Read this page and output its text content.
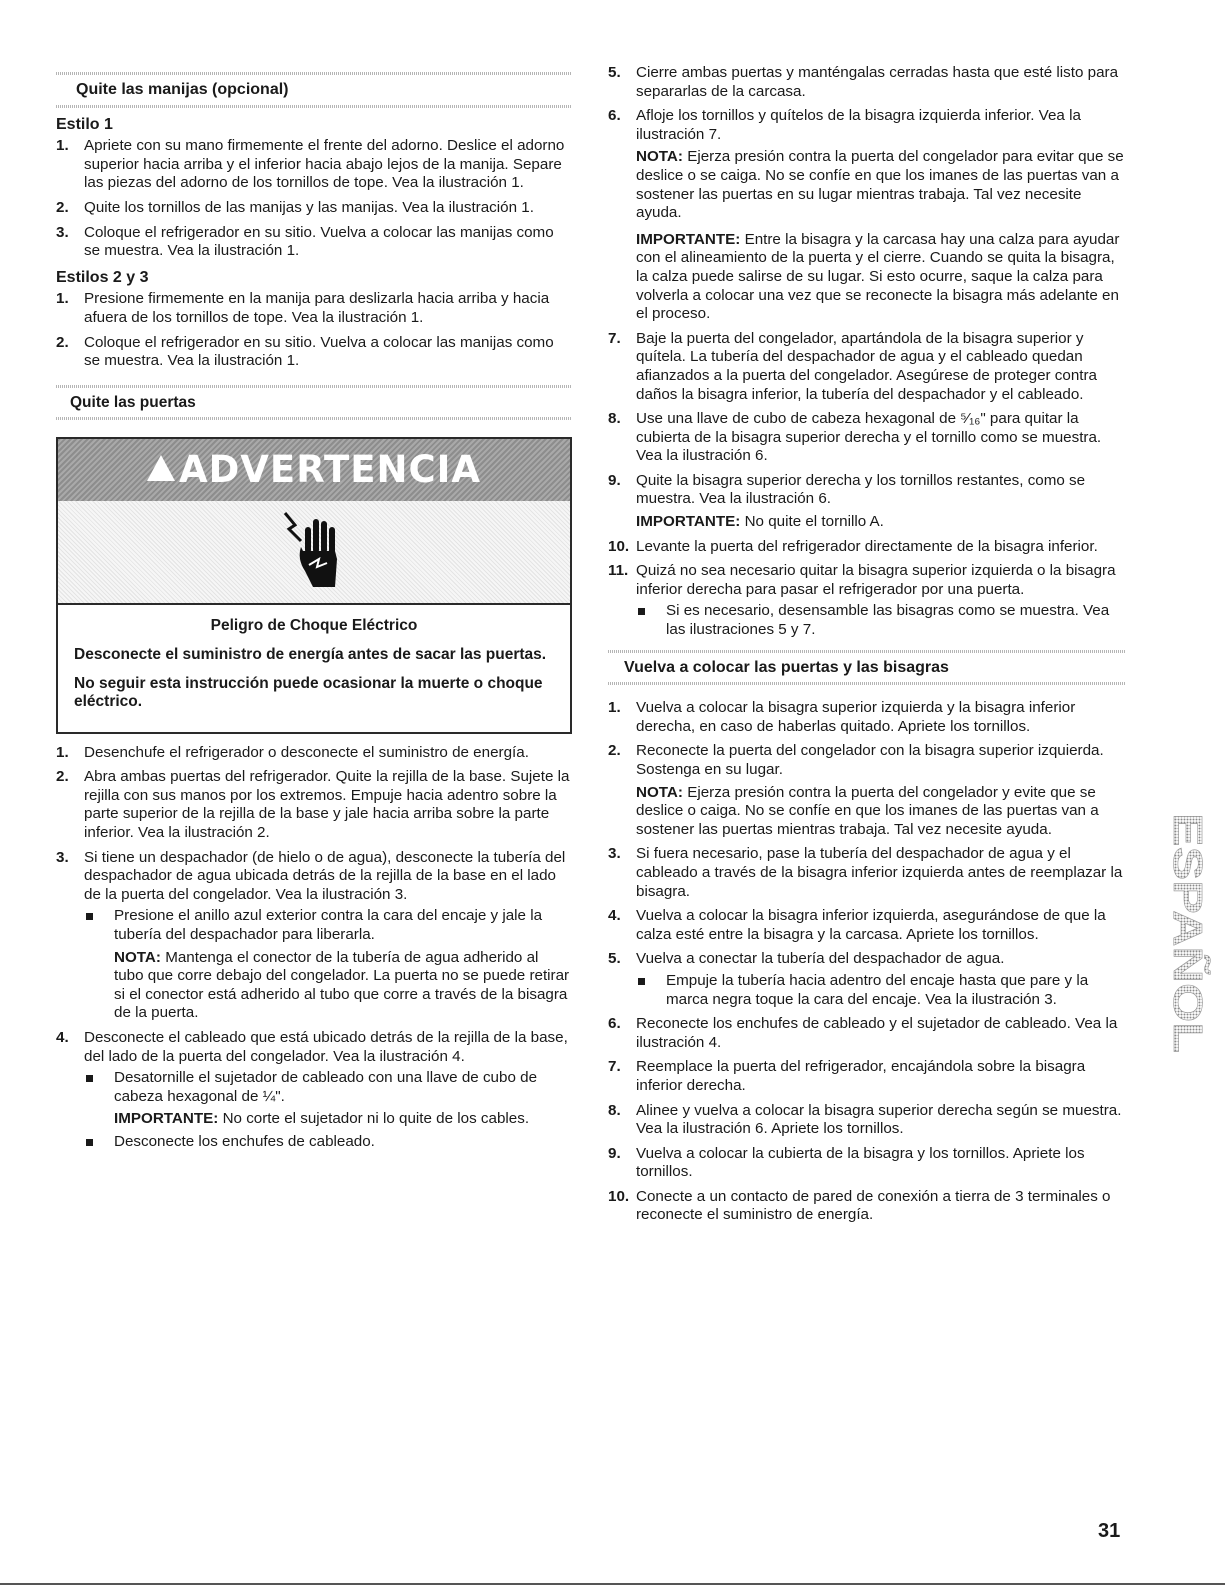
Quite las manijas (opcional)
Estilo 1
1. Apriete con su mano firmemente el frente del adorno. Deslice el adorno superior hacia arriba y el inferior hacia abajo lejos de la manija. Separe las piezas del adorno de los tornillos de tope. Vea la ilustración 1.
2. Quite los tornillos de las manijas y las manijas. Vea la ilustración 1.
3. Coloque el refrigerador en su sitio. Vuelva a colocar las manijas como se muestra. Vea la ilustración 1.
Estilos 2 y 3
1. Presione firmemente en la manija para deslizarla hacia arriba y hacia afuera de los tornillos de tope. Vea la ilustración 1.
2. Coloque el refrigerador en su sitio. Vuelva a colocar las manijas como se muestra. Vea la ilustración 1.
Quite las puertas
ADVERTENCIA
Peligro de Choque Eléctrico

Desconecte el suministro de energía antes de sacar las puertas.

No seguir esta instrucción puede ocasionar la muerte o choque eléctrico.

1. Desenchufe el refrigerador o desconecte el suministro de energía.
2. Abra ambas puertas del refrigerador. Quite la rejilla de la base. Sujete la rejilla con sus manos por los extremos. Empuje hacia adentro sobre la parte superior de la rejilla de la base y jale hacia arriba sobre la parte inferior. Vea la ilustración 2.
3. Si tiene un despachador (de hielo o de agua), desconecte la tubería del despachador de agua ubicada detrás de la rejilla de la base en el lado de la puerta del congelador. Vea la ilustración 3.
Presione el anillo azul exterior contra la cara del encaje y jale la tubería del despachador para liberarla.
NOTA: Mantenga el conector de la tubería de agua adherido al tubo que corre debajo del congelador. La puerta no se puede retirar si el conector está adherido al tubo que corre a través de la bisagra de la puerta.
4. Desconecte el cableado que está ubicado detrás de la rejilla de la base, del lado de la puerta del congelador. Vea la ilustración 4.
Desatornille el sujetador de cableado con una llave de cubo de cabeza hexagonal de ¼".
IMPORTANTE: No corte el sujetador ni lo quite de los cables.
Desconecte los enchufes de cableado.
5. Cierre ambas puertas y manténgalas cerradas hasta que esté listo para separarlas de la carcasa.
6. Afloje los tornillos y quítelos de la bisagra izquierda inferior. Vea la ilustración 7.
NOTA: Ejerza presión contra la puerta del congelador para evitar que se deslice o se caiga. No se confíe en que los imanes de las puertas van a sostener las puertas en su lugar mientras trabaja. Tal vez necesite ayuda.
IMPORTANTE: Entre la bisagra y la carcasa hay una calza para ayudar con el alineamiento de la puerta y el cierre. Cuando se quita la bisagra, la calza puede salirse de su lugar. Si esto ocurre, saque la calza para volverla a colocar una vez que se reconecte la bisagra más adelante en el proceso.
7. Baje la puerta del congelador, apartándola de la bisagra superior y quítela. La tubería del despachador de agua y el cableado quedan afianzados a la puerta del congelador. Asegúrese de proteger contra daños la bisagra inferior, la tubería del despachador y el cableado.
8. Use una llave de cubo de cabeza hexagonal de ⁵⁄₁₆" para quitar la cubierta de la bisagra superior derecha y el tornillo como se muestra. Vea la ilustración 6.
9. Quite la bisagra superior derecha y los tornillos restantes, como se muestra. Vea la ilustración 6.
IMPORTANTE: No quite el tornillo A.
10. Levante la puerta del refrigerador directamente de la bisagra inferior.
11. Quizá no sea necesario quitar la bisagra superior izquierda o la bisagra inferior derecha para pasar el refrigerador por una puerta.
Si es necesario, desensamble las bisagras como se muestra. Vea las ilustraciones 5 y 7.
Vuelva a colocar las puertas y las bisagras
1. Vuelva a colocar la bisagra superior izquierda y la bisagra inferior derecha, en caso de haberlas quitado. Apriete los tornillos.
2. Reconecte la puerta del congelador con la bisagra superior izquierda. Sostenga en su lugar.
NOTA: Ejerza presión contra la puerta del congelador y evite que se deslice o caiga. No se confíe en que los imanes de las puertas van a sostener las puertas mientras trabaja. Tal vez necesite ayuda.
3. Si fuera necesario, pase la tubería del despachador de agua y el cableado a través de la bisagra inferior izquierda antes de reemplazar la bisagra.
4. Vuelva a colocar la bisagra inferior izquierda, asegurándose de que la calza esté entre la bisagra y la carcasa. Apriete los tornillos.
5. Vuelva a conectar la tubería del despachador de agua.
Empuje la tubería hacia adentro del encaje hasta que pare y la marca negra toque la cara del encaje. Vea la ilustración 3.
6. Reconecte los enchufes de cableado y el sujetador de cableado. Vea la ilustración 4.
7. Reemplace la puerta del refrigerador, encajándola sobre la bisagra inferior derecha.
8. Alinee y vuelva a colocar la bisagra superior derecha según se muestra. Vea la ilustración 6. Apriete los tornillos.
9. Vuelva a colocar la cubierta de la bisagra y los tornillos. Apriete los tornillos.
10. Conecte a un contacto de pared de conexión a tierra de 3 terminales o reconecte el suministro de energía.
ESPAÑOL
31
